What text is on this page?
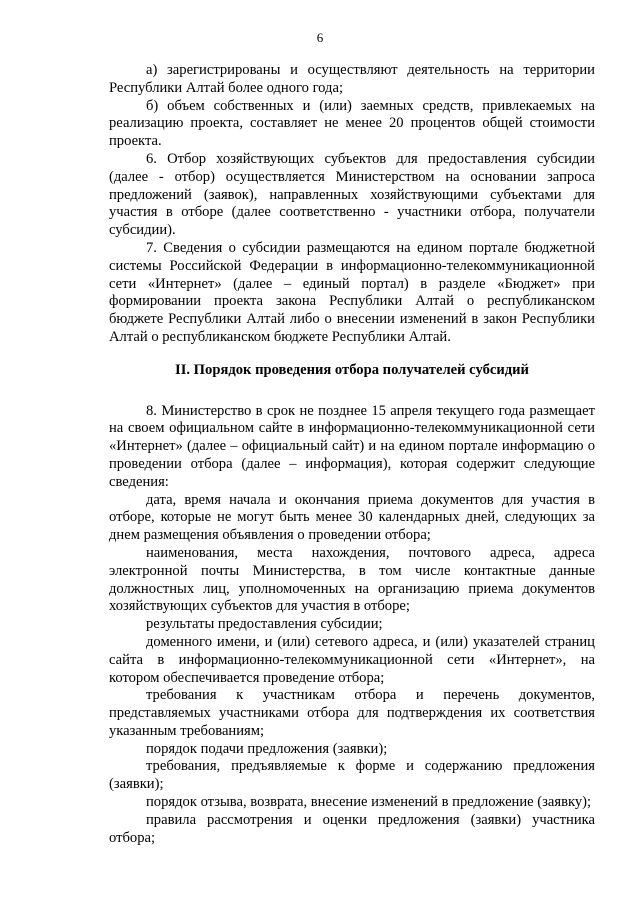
6

а) зарегистрированы и осуществляют деятельность на территории Республики Алтай более одного года;

б) объем собственных и (или) заемных средств, привлекаемых на реализацию проекта, составляет не менее 20 процентов общей стоимости проекта.

6. Отбор хозяйствующих субъектов для предоставления субсидии (далее - отбор) осуществляется Министерством на основании запроса предложений (заявок), направленных хозяйствующими субъектами для участия в отборе (далее соответственно - участники отбора, получатели субсидии).

7. Сведения о субсидии размещаются на едином портале бюджетной системы Российской Федерации в информационно-телекоммуникационной сети «Интернет» (далее – единый портал) в разделе «Бюджет» при формировании проекта закона Республики Алтай о республиканском бюджете Республики Алтай либо о внесении изменений в закон Республики Алтай о республиканском бюджете Республики Алтай.

II. Порядок проведения отбора получателей субсидий

8. Министерство в срок не позднее 15 апреля текущего года размещает на своем официальном сайте в информационно-телекоммуникационной сети «Интернет» (далее – официальный сайт) и на едином портале информацию о проведении отбора (далее – информация), которая содержит следующие сведения:

дата, время начала и окончания приема документов для участия в отборе, которые не могут быть менее 30 календарных дней, следующих за днем размещения объявления о проведении отбора;

наименования, места нахождения, почтового адреса, адреса электронной почты Министерства, в том числе контактные данные должностных лиц, уполномоченных на организацию приема документов хозяйствующих субъектов для участия в отборе;

результаты предоставления субсидии;

доменного имени, и (или) сетевого адреса, и (или) указателей страниц сайта в информационно-телекоммуникационной сети «Интернет», на котором обеспечивается проведение отбора;

требования к участникам отбора и перечень документов, представляемых участниками отбора для подтверждения их соответствия указанным требованиям;

порядок подачи предложения (заявки);

требования, предъявляемые к форме и содержанию предложения (заявки);

порядок отзыва, возврата, внесение изменений в предложение (заявку);

правила рассмотрения и оценки предложения (заявки) участника отбора;
